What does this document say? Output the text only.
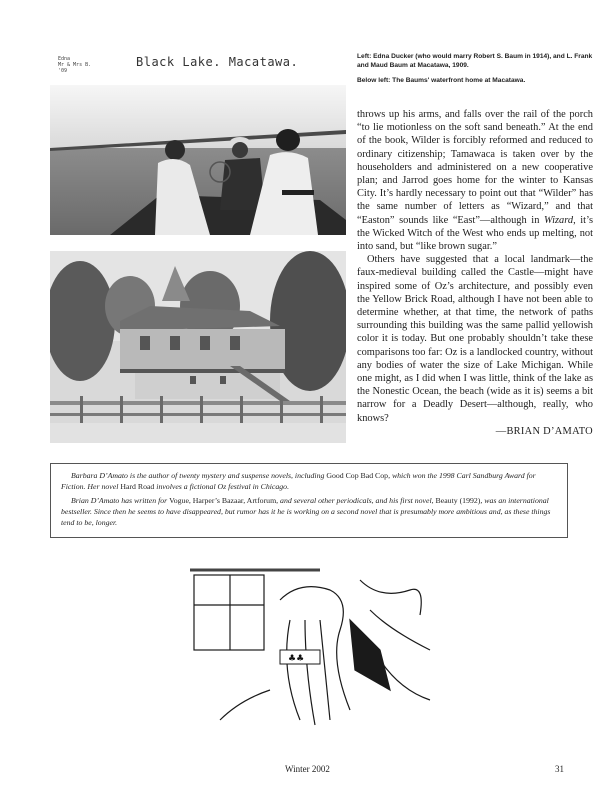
Black Lake. Macatawa.
Edna
Mr & Mrs B.
'09

Left: Edna Ducker (who would marry Robert S. Baum in 1914), and L. Frank and Maud Baum at Macatawa, 1909.

Below left: The Baums' waterfront home at Macatawa.

throws up his arms, and falls over the rail of the porch “to lie motionless on the soft sand beneath.” At the end of the book, Wilder is forcibly reformed and reduced to ordinary citizenship; Tamawaca is taken over by the householders and administered on a new cooperative plan; and Jarrod goes home for the winter to Kansas City. It’s hardly necessary to point out that “Wilder” has the same number of letters as “Wizard,” and that “Easton” sounds like “East”—although in Wizard, it’s the Wicked Witch of the West who ends up melting, not into sand, but “like brown sugar.”

Others have suggested that a local landmark—the faux-medieval building called the Castle—might have inspired some of Oz’s architecture, and possibly even the Yellow Brick Road, although I have not been able to determine whether, at that time, the network of paths surrounding this building was the same pallid yellowish color it is today. But one probably shouldn’t take these comparisons too far: Oz is a landlocked country, without any bodies of water the size of Lake Michigan. While one might, as I did when I was little, think of the lake as the Nonestic Ocean, the beach (wide as it is) seems a bit narrow for a Deadly Desert—although, really, who knows?

—BRIAN D’AMATO

Barbara D’Amato is the author of twenty mystery and suspense novels, including Good Cop Bad Cop, which won the 1998 Carl Sandburg Award for Fiction. Her novel Hard Road involves a fictional Oz festival in Chicago.

Brian D’Amato has written for Vogue, Harper’s Bazaar, Artforum, and several other periodicals, and his first novel, Beauty (1992), was an international bestseller. Since then he seems to have disappeared, but rumor has it he is working on a second novel that is presumably more ambitious and, as these things tend to be, longer.

♣♣
Winter 2002	31
